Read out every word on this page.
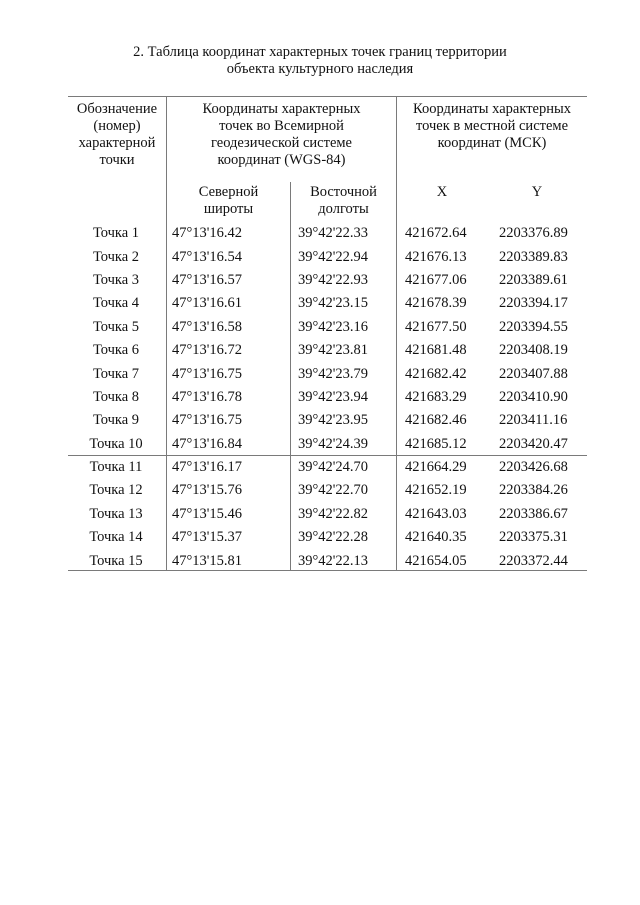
2. Таблица координат характерных точек границ территории
объекта культурного наследия
Обозначение
(номер)
характерной
точки
Координаты характерных
точек во Всемирной
геодезической системе
координат (WGS-84)
Координаты характерных
точек в местной системе
координат (МСК)
Северной
широты
Восточной
долготы
X	Y
Точка 1	47°13'16.42	39°42'22.33	421672.64	2203376.89
Точка 2	47°13'16.54	39°42'22.94	421676.13	2203389.83
Точка 3	47°13'16.57	39°42'22.93	421677.06	2203389.61
Точка 4	47°13'16.61	39°42'23.15	421678.39	2203394.17
Точка 5	47°13'16.58	39°42'23.16	421677.50	2203394.55
Точка 6	47°13'16.72	39°42'23.81	421681.48	2203408.19
Точка 7	47°13'16.75	39°42'23.79	421682.42	2203407.88
Точка 8	47°13'16.78	39°42'23.94	421683.29	2203410.90
Точка 9	47°13'16.75	39°42'23.95	421682.46	2203411.16
Точка 10	47°13'16.84	39°42'24.39	421685.12	2203420.47
Точка 11	47°13'16.17	39°42'24.70	421664.29	2203426.68
Точка 12	47°13'15.76	39°42'22.70	421652.19	2203384.26
Точка 13	47°13'15.46	39°42'22.82	421643.03	2203386.67
Точка 14	47°13'15.37	39°42'22.28	421640.35	2203375.31
Точка 15	47°13'15.81	39°42'22.13	421654.05	2203372.44
